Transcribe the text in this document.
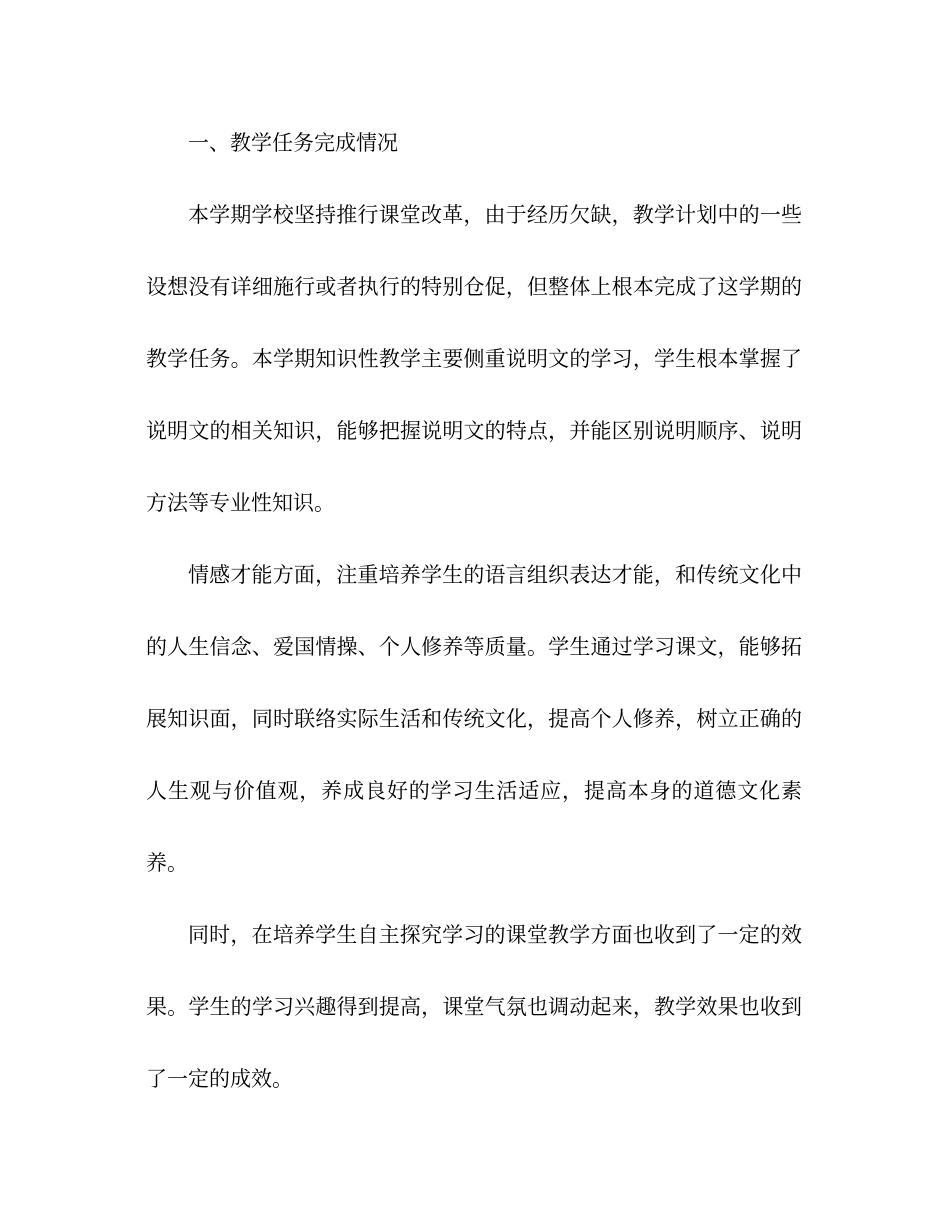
一、教学任务完成情况

本学期学校坚持推行课堂改革，由于经历欠缺，教学计划中的一些设想没有详细施行或者执行的特别仓促，但整体上根本完成了这学期的教学任务。本学期知识性教学主要侧重说明文的学习，学生根本掌握了说明文的相关知识，能够把握说明文的特点，并能区别说明顺序、说明方法等专业性知识。

情感才能方面，注重培养学生的语言组织表达才能，和传统文化中的人生信念、爱国情操、个人修养等质量。学生通过学习课文，能够拓展知识面，同时联络实际生活和传统文化，提高个人修养，树立正确的人生观与价值观，养成良好的学习生活适应，提高本身的道德文化素养。

同时，在培养学生自主探究学习的课堂教学方面也收到了一定的效果。学生的学习兴趣得到提高，课堂气氛也调动起来，教学效果也收到了一定的成效。
